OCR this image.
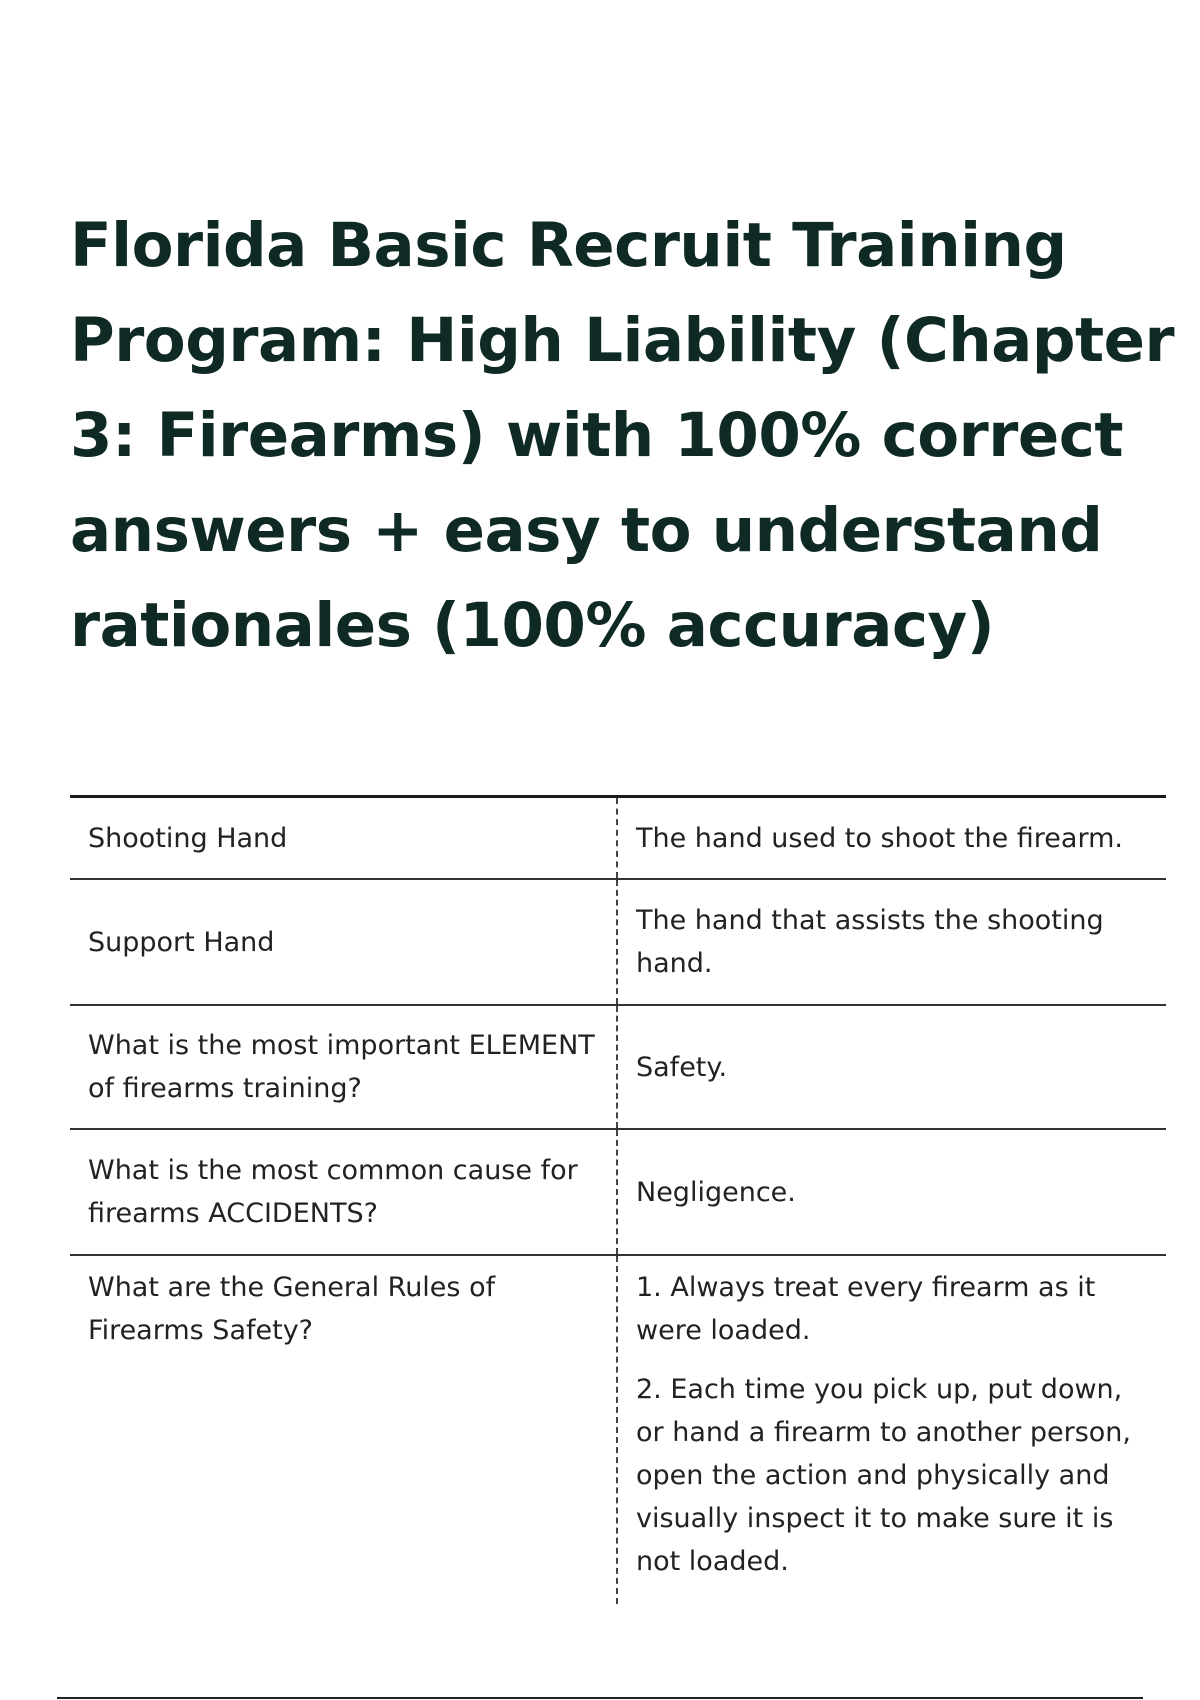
Florida Basic Recruit Training Program: High Liability (Chapter 3: Firearms) with 100% correct answers + easy to understand rationales (100% accuracy)
Shooting Hand	The hand used to shoot the firearm.
Support Hand
The hand that assists the shooting hand.
What is the most important ELEMENT of firearms training?
Safety.
What is the most common cause for firearms ACCIDENTS?
Negligence.
What are the General Rules of Firearms Safety?
1. Always treat every firearm as it were loaded.
2. Each time you pick up, put down, or hand a firearm to another person, open the action and physically and visually inspect it to make sure it is not loaded.
